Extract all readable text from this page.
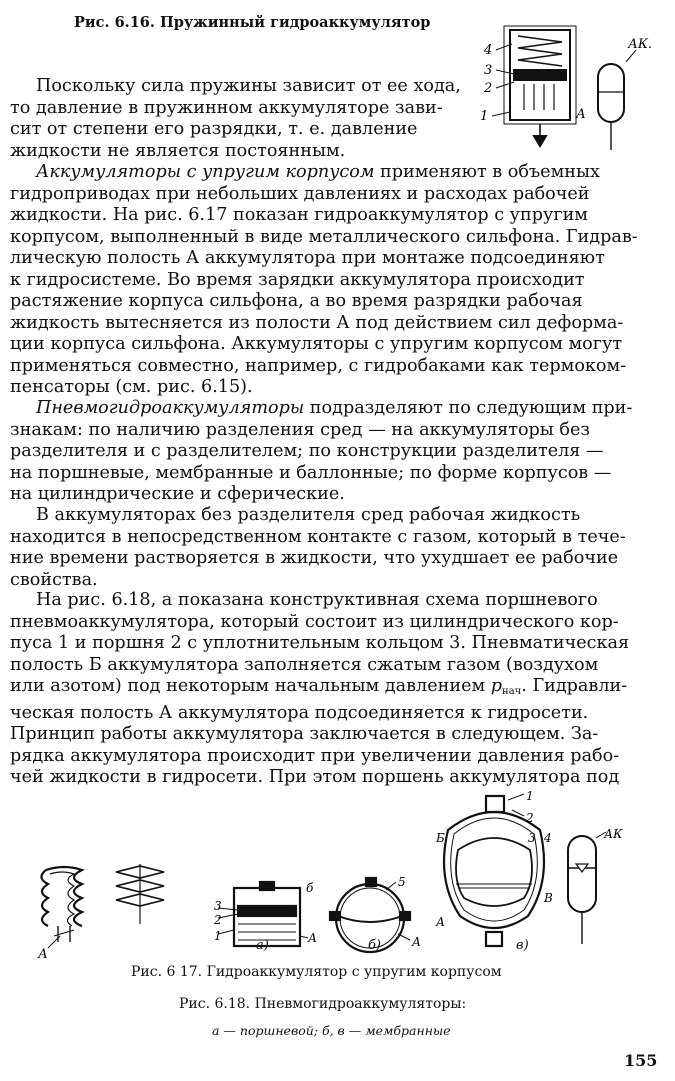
Рис. 6.16. Пружинный гидроаккумулятор
4
3
2
1	А
АК.
Поскольку сила пружины зависит от ее хода,
то давление в пружинном аккумуляторе зави-
сит от степени его разрядки, т. е. давление
жидкости не является постоянным.
Аккумуляторы с упругим корпусом применяют в объемных
гидроприводах при небольших давлениях и расходах рабочей
жидкости. На рис. 6.17 показан гидроаккумулятор с упругим
корпусом, выполненный в виде металлического сильфона. Гидрав-
лическую полость А аккумулятора при монтаже подсоединяют
к гидросистеме. Во время зарядки аккумулятора происходит
растяжение корпуса сильфона, а во время разрядки рабочая
жидкость вытесняется из полости А под действием сил деформа-
ции корпуса сильфона. Аккумуляторы с упругим корпусом могут
применяться совместно, например, с гидробаками как термоком-
пенсаторы (см. рис. 6.15).
Пневмогидроаккумуляторы подразделяют по следующим при-
знакам: по наличию разделения сред — на аккумуляторы без
разделителя и с разделителем; по конструкции разделителя —
на поршневые, мембранные и баллонные; по форме корпусов —
на цилиндрические и сферические.
В аккумуляторах без разделителя сред рабочая жидкость
находится в непосредственном контакте с газом, который в тече-
ние времени растворяется в жидкости, что ухудшает ее рабочие
свойства.
На рис. 6.18, а показана конструктивная схема поршневого
пневмоаккумулятора, который состоит из цилиндрического кор-
пуса 1 и поршня 2 с уплотнительным кольцом 3. Пневматическая
полость Б аккумулятора заполняется сжатым газом (воздухом
или азотом) под некоторым начальным давлением $p_{нач}$. Гидравли-
ческая полость А аккумулятора подсоединяется к гидросети.
Принцип работы аккумулятора заключается в следующем. За-
рядка аккумулятора происходит при увеличении давления рабо-
чей жидкости в гидросети. При этом поршень аккумулятора под
А
б
3
2
1	А
а)
5
А
б)
1
2
Б	3 4
В
А
в)
АК
Рис. 6 17. Гидроаккумулятор с упругим корпусом
Рис. 6.18. Пневмогидроаккумуляторы:
а — поршневой; б, в — мембранные
155
